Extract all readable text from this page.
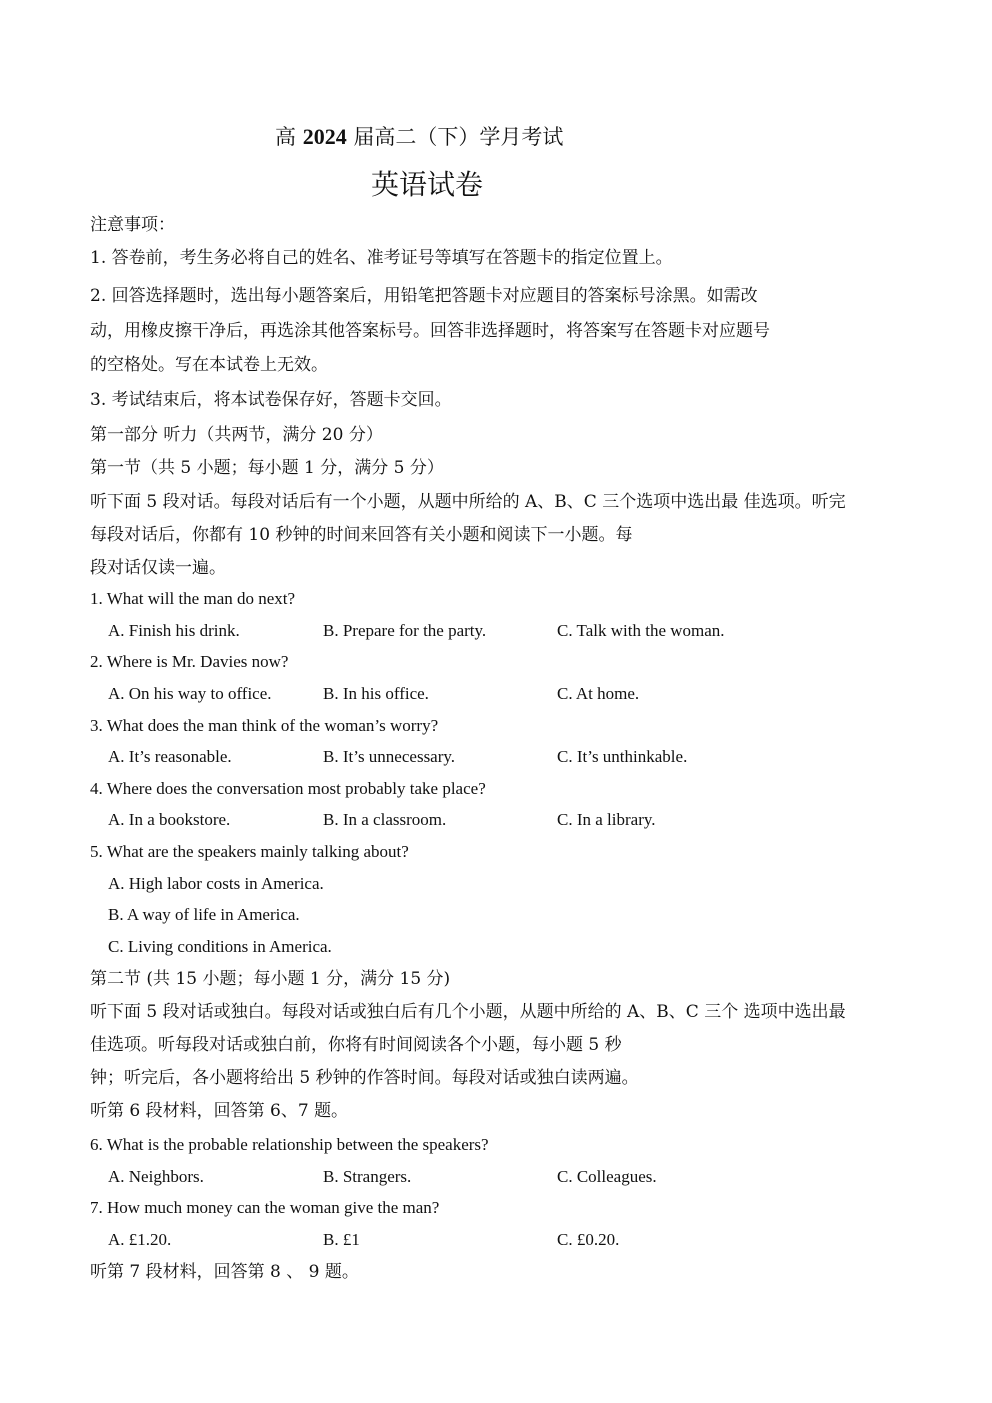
高 2024 届高二（下）学月考试
英语试卷
注意事项：
1. 答卷前，考生务必将自己的姓名、准考证号等填写在答题卡的指定位置上。
2. 回答选择题时，选出每小题答案后，用铅笔把答题卡对应题目的答案标号涂黑。如需改
动，用橡皮擦干净后，再选涂其他答案标号。回答非选择题时，将答案写在答题卡对应题号
的空格处。写在本试卷上无效。
3. 考试结束后，将本试卷保存好，答题卡交回。
第一部分 听力（共两节，满分 20 分）
第一节（共 5 小题；每小题 1 分，满分 5 分）
听下面 5 段对话。每段对话后有一个小题，从题中所给的 A、B、C 三个选项中选出最 佳选项。听完
每段对话后，你都有 10 秒钟的时间来回答有关小题和阅读下一小题。每
段对话仅读一遍。
1. What will the man do next?
A. Finish his drink.	B. Prepare for the party.	C. Talk with the woman.
2. Where is Mr. Davies now?
A. On his way to office.	B. In his office.	C. At home.
3. What does the man think of the woman’s worry?
A. It’s reasonable.	B. It’s unnecessary.	C. It’s unthinkable.
4. Where does the conversation most probably take place?
A. In a bookstore.	B. In a classroom.	C. In a library.
5. What are the speakers mainly talking about?
A. High labor costs in America.
B. A way of life in America.
C. Living conditions in America.
第二节 (共 15 小题；每小题 1 分，满分 15 分)
听下面 5 段对话或独白。每段对话或独白后有几个小题，从题中所给的 A、B、C 三个 选项中选出最
佳选项。听每段对话或独白前，你将有时间阅读各个小题，每小题 5 秒
钟；听完后，各小题将给出 5 秒钟的作答时间。每段对话或独白读两遍。
听第 6 段材料，回答第 6、7 题。
6. What is the probable relationship between the speakers?
A. Neighbors.	B. Strangers.	C. Colleagues.
7. How much money can the woman give the man?
A. £1.20.	B. £1	C. £0.20.
听第 7 段材料，回答第 8 、 9 题。
